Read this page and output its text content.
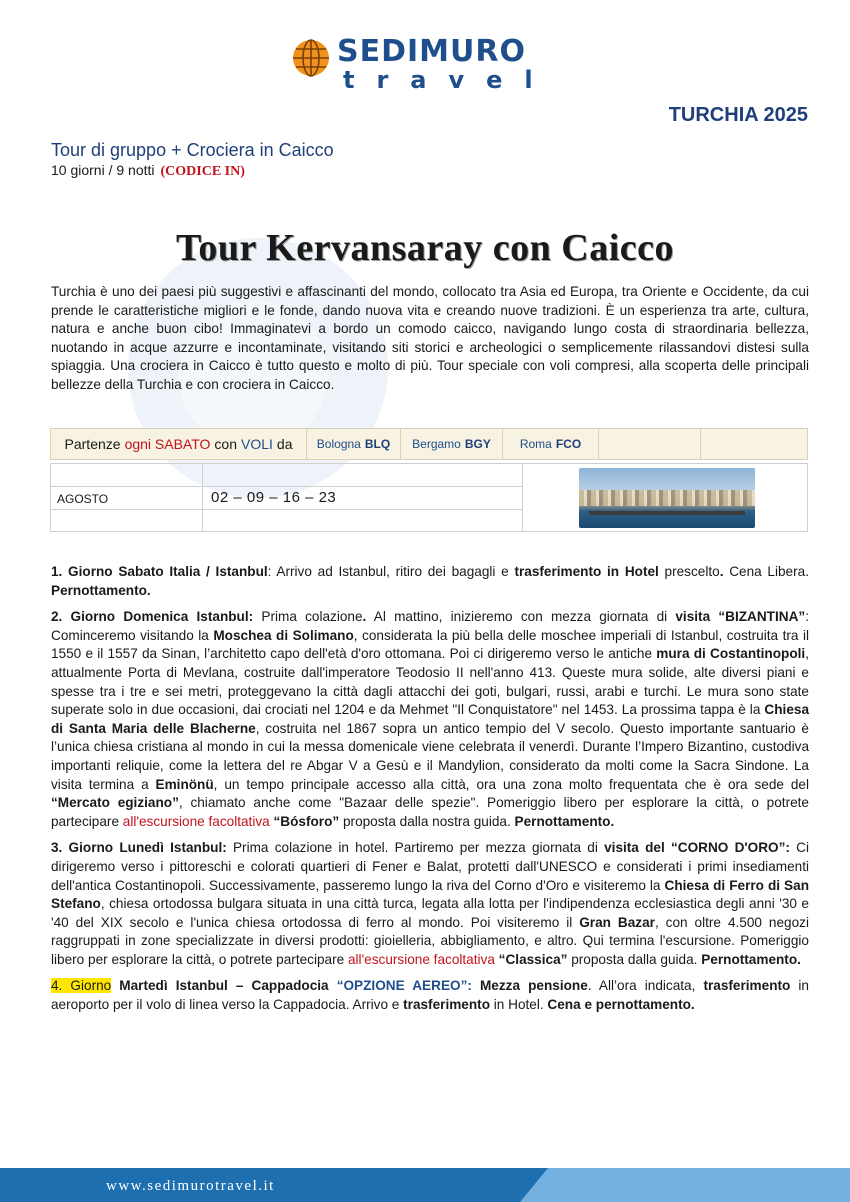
SEDIMURO
travel
TURCHIA 2025
Tour di gruppo + Crociera in Caicco
10 giorni / 9 notti (CODICE IN)
Tour Kervansaray con Caicco

Turchia è uno dei paesi più suggestivi e affascinanti del mondo, collocato tra Asia ed Europa, tra Oriente e Occidente, da cui prende le caratteristiche migliori e le fonde, dando nuova vita e creando nuove tradizioni. È un esperienza tra arte, cultura, natura e anche buon cibo! Immaginatevi a bordo un comodo caicco, navigando lungo costa di straordinaria bellezza, nuotando in acque azzurre e incontaminate, visitando siti storici e archeologici o semplicemente rilassandovi distesi sulla spiaggia. Una crociera in Caicco è tutto questo e molto di più. Tour speciale con voli compresi, alla scoperta delle principali bellezze della Turchia e con crociera in Caicco.

Partenze ogni SABATO con VOLI da Bologna BLQ Bergamo BGY Roma FCO
AGOSTO	02 – 09 – 16 – 23

1. Giorno Sabato Italia / Istanbul: Arrivo ad Istanbul, ritiro dei bagagli e trasferimento in Hotel prescelto. Cena Libera. Pernottamento.

2. Giorno Domenica Istanbul: Prima colazione. Al mattino, inizieremo con mezza giornata di visita “BIZANTINA”: Cominceremo visitando la Moschea di Solimano, considerata la più bella delle moschee imperiali di Istanbul, costruita tra il 1550 e il 1557 da Sinan, l’architetto capo dell'età d'oro ottomana. Poi ci dirigeremo verso le antiche mura di Costantinopoli, attualmente Porta di Mevlana, costruite dall'imperatore Teodosio II nell'anno 413. Queste mura solide, alte diversi piani e spesse tra i tre e sei metri, proteggevano la città dagli attacchi dei goti, bulgari, russi, arabi e turchi. Le mura sono state superate solo in due occasioni, dai crociati nel 1204 e da Mehmet "Il Conquistatore" nel 1453. La prossima tappa è la Chiesa di Santa Maria delle Blacherne, costruita nel 1867 sopra un antico tempio del V secolo. Questo importante santuario è l’unica chiesa cristiana al mondo in cui la messa domenicale viene celebrata il venerdì. Durante l’Impero Bizantino, custodiva importanti reliquie, come la lettera del re Abgar V a Gesù e il Mandylion, considerato da molti come la Sacra Sindone. La visita termina a Eminönü, un tempo principale accesso alla città, ora una zona molto frequentata che è ora sede del “Mercato egiziano”, chiamato anche come "Bazaar delle spezie". Pomeriggio libero per esplorare la città, o potrete partecipare all'escursione facoltativa “Bósforo” proposta dalla nostra guida. Pernottamento.

3. Giorno Lunedì Istanbul: Prima colazione in hotel. Partiremo per mezza giornata di visita del “CORNO D'ORO”: Ci dirigeremo verso i pittoreschi e colorati quartieri di Fener e Balat, protetti dall'UNESCO e considerati i primi insediamenti dell'antica Costantinopoli. Successivamente, passeremo lungo la riva del Corno d'Oro e visiteremo la Chiesa di Ferro di San Stefano, chiesa ortodossa bulgara situata in una città turca, legata alla lotta per l'indipendenza ecclesiastica degli anni '30 e '40 del XIX secolo e l'unica chiesa ortodossa di ferro al mondo. Poi visiteremo il Gran Bazar, con oltre 4.500 negozi raggruppati in zone specializzate in diversi prodotti: gioielleria, abbigliamento, e altro. Qui termina l'escursione. Pomeriggio libero per esplorare la città, o potrete partecipare all'escursione facoltativa “Classica” proposta dalla guida. Pernottamento.

4. Giorno Martedì Istanbul – Cappadocia “OPZIONE AEREO”: Mezza pensione. All’ora indicata, trasferimento in aeroporto per il volo di linea verso la Cappadocia. Arrivo e trasferimento in Hotel. Cena e pernottamento.

www.sedimurotravel.it
